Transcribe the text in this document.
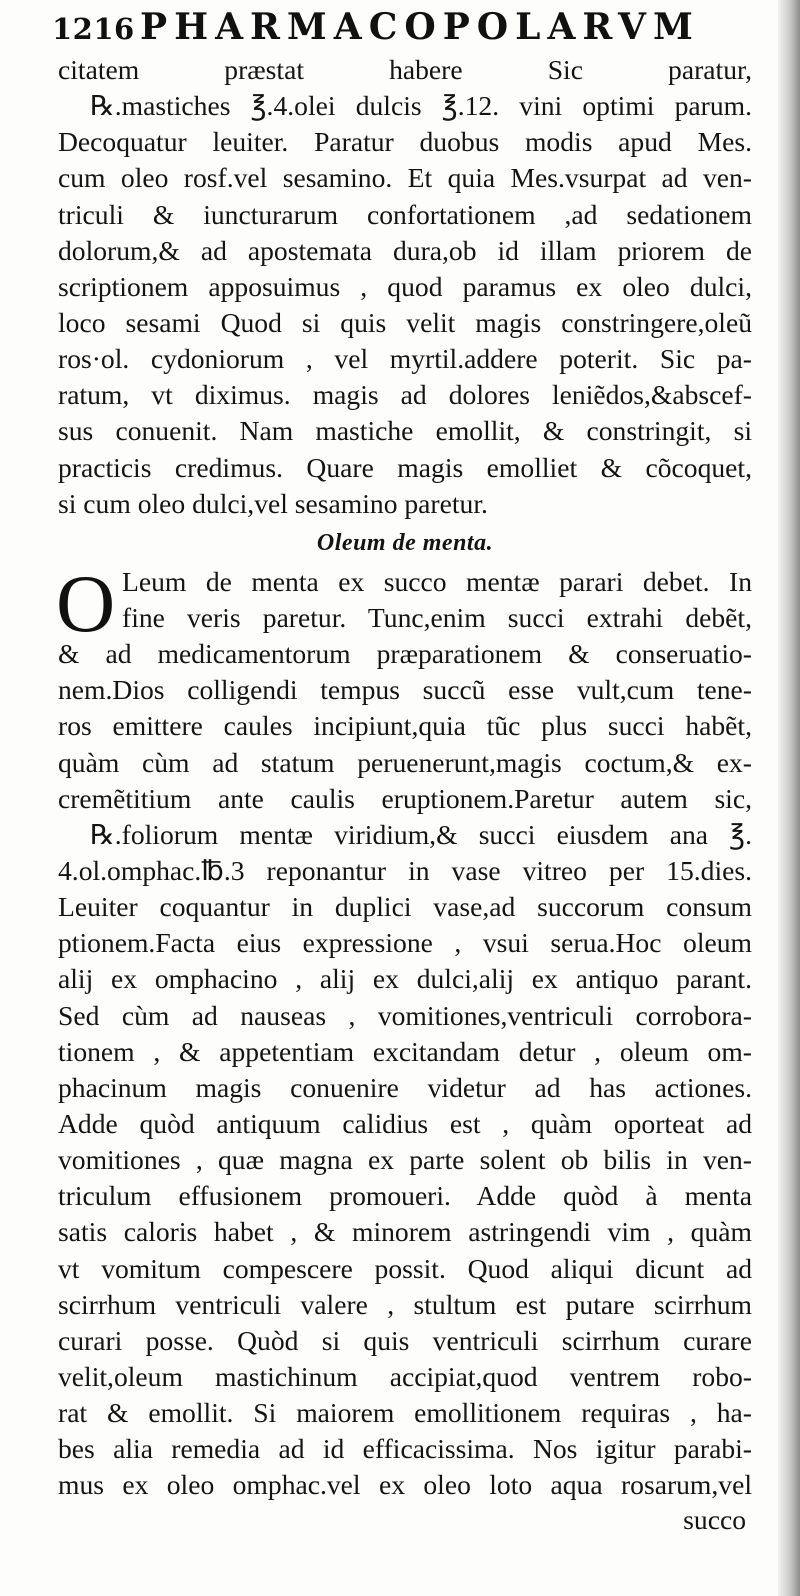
1216 PHARMACOPOLARVM
citatem præstat habere Sic paratur,
℞.mastiches ℥.4.olei dulcis ℥.12. vini optimi parum.
Decoquatur leuiter. Paratur duobus modis apud Mes.
cum oleo rosf.vel sesamino. Et quia Mes.vsurpat ad ven-
triculi & iuncturarum confortationem ,ad sedationem
dolorum,& ad apostemata dura,ob id illam priorem de
scriptionem apposuimus , quod paramus ex oleo dulci,
loco sesami Quod si quis velit magis constringere,oleũ
ros·ol. cydoniorum , vel myrtil.addere poterit. Sic pa-
ratum, vt diximus. magis ad dolores leniẽdos,&abscef-
sus conuenit. Nam mastiche emollit, & constringit, si
practicis credimus. Quare magis emolliet & cõcoquet,
si cum oleo dulci,vel sesamino paretur.
Oleum de menta.
O Leum de menta ex succo mentæ parari debet. In
fine veris paretur. Tunc,enim succi extrahi debẽt,
& ad medicamentorum præparationem & conseruatio-
nem.Dios colligendi tempus succũ esse vult,cum tene-
ros emittere caules incipiunt,quia tũc plus succi habẽt,
quàm cùm ad statum peruenerunt,magis coctum,& ex-
cremẽtitium ante caulis eruptionem.Paretur autem sic,
℞.foliorum mentæ viridium,& succi eiusdem ana ℥.
4.ol.omphac.℔.3 reponantur in vase vitreo per 15.dies.
Leuiter coquantur in duplici vase,ad succorum consum
ptionem.Facta eius expressione , vsui serua.Hoc oleum
alij ex omphacino , alij ex dulci,alij ex antiquo parant.
Sed cùm ad nauseas , vomitiones,ventriculi corrobora-
tionem , & appetentiam excitandam detur , oleum om-
phacinum magis conuenire videtur ad has actiones.
Adde quòd antiquum calidius est , quàm oporteat ad
vomitiones , quæ magna ex parte solent ob bilis in ven-
triculum effusionem promoueri. Adde quòd à menta
satis caloris habet , & minorem astringendi vim , quàm
vt vomitum compescere possit. Quod aliqui dicunt ad
scirrhum ventriculi valere , stultum est putare scirrhum
curari posse. Quòd si quis ventriculi scirrhum curare
velit,oleum mastichinum accipiat,quod ventrem robo-
rat & emollit. Si maiorem emollitionem requiras , ha-
bes alia remedia ad id efficacissima. Nos igitur parabi-
mus ex oleo omphac.vel ex oleo loto aqua rosarum,vel
succo
